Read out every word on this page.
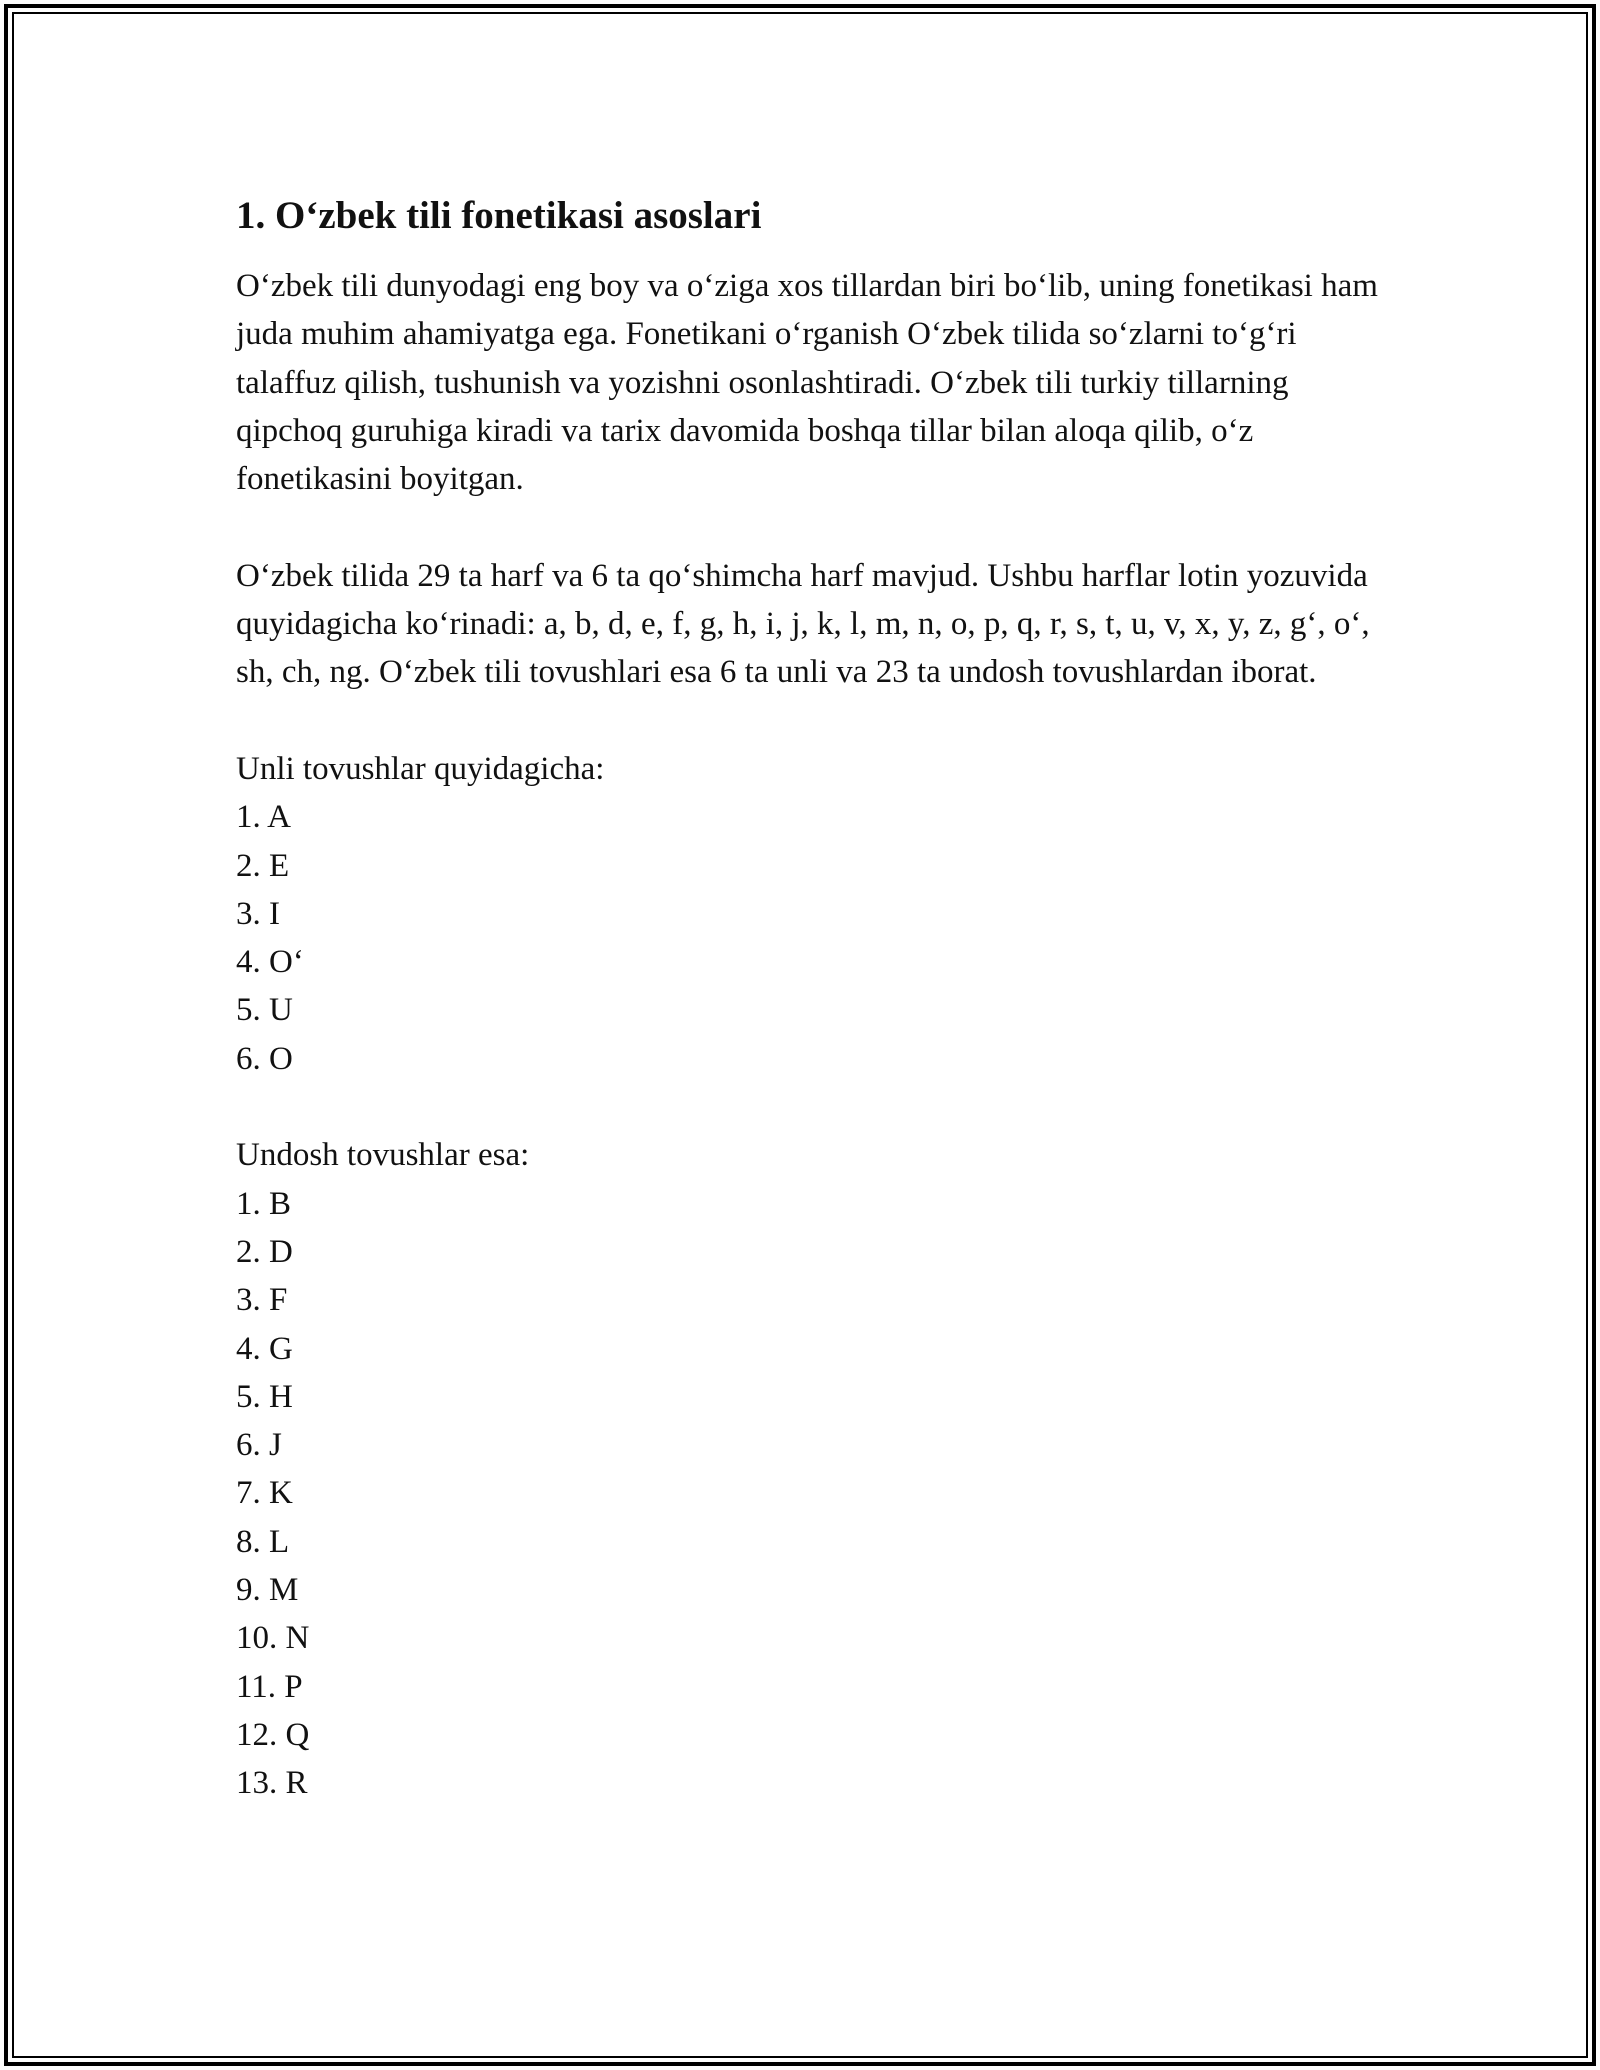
1. O‘zbek tili fonetikasi asoslari

O‘zbek tili dunyodagi eng boy va o‘ziga xos tillardan biri bo‘lib, uning fonetikasi ham juda muhim ahamiyatga ega. Fonetikani o‘rganish O‘zbek tilida so‘zlarni to‘g‘ri talaffuz qilish, tushunish va yozishni osonlashtiradi. O‘zbek tili turkiy tillarning qipchoq guruhiga kiradi va tarix davomida boshqa tillar bilan aloqa qilib, o‘z fonetikasini boyitgan.

O‘zbek tilida 29 ta harf va 6 ta qo‘shimcha harf mavjud. Ushbu harflar lotin yozuvida quyidagicha ko‘rinadi: a, b, d, e, f, g, h, i, j, k, l, m, n, o, p, q, r, s, t, u, v, x, y, z, g‘, o‘, sh, ch, ng. O‘zbek tili tovushlari esa 6 ta unli va 23 ta undosh tovushlardan iborat.

Unli tovushlar quyidagicha:

1. A
2. E
3. I
4. O‘
5. U
6. O

Undosh tovushlar esa:

1. B
2. D
3. F
4. G
5. H
6. J
7. K
8. L
9. M
10. N
11. P
12. Q
13. R
